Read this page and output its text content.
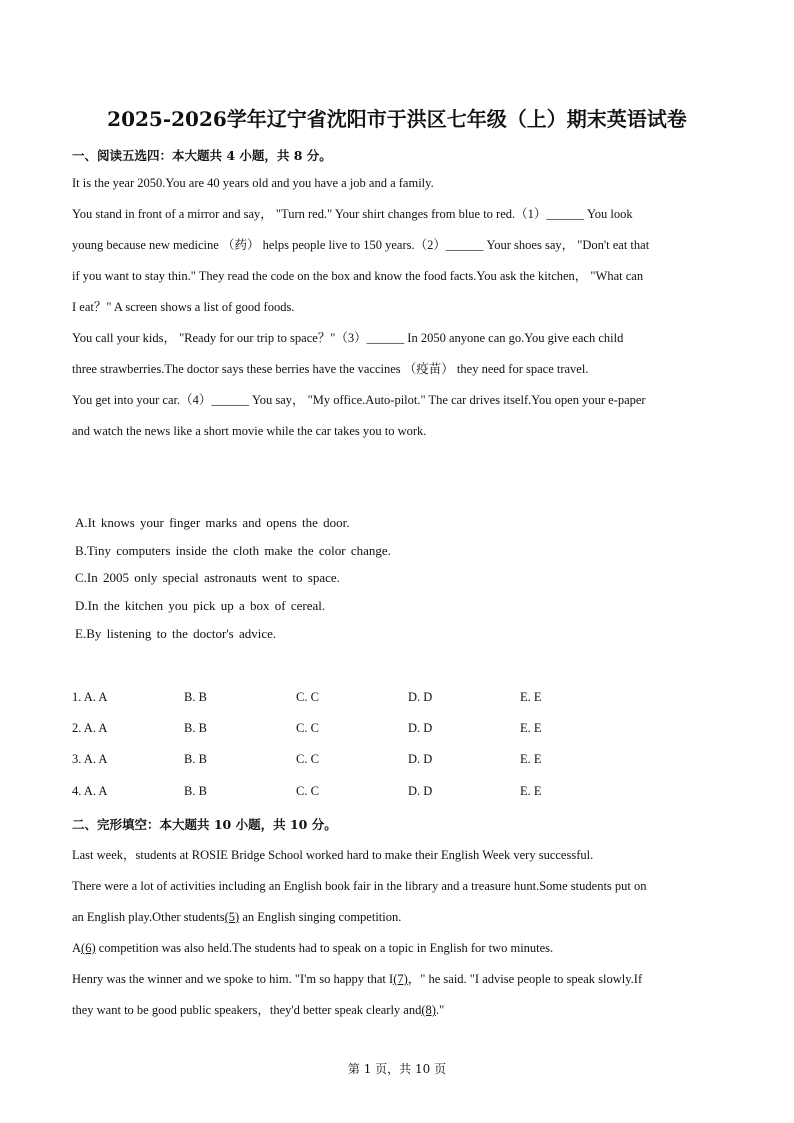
2025-2026学年辽宁省沈阳市于洪区七年级（上）期末英语试卷
一、阅读五选四：本大题共 4 小题，共 8 分。
It is the year 2050.You are 40 years old and you have a job and a family.
You stand in front of a mirror and say， "Turn red." Your shirt changes from blue to red.（1）______ You look
young because new medicine （药） helps people live to 150 years.（2）______ Your shoes say， "Don't eat that
if you want to stay thin." They read the code on the box and know the food facts.You ask the kitchen， "What can
I eat？" A screen shows a list of good foods.
You call your kids， "Ready for our trip to space？"（3）______ In 2050 anyone can go.You give each child
three strawberries.The doctor says these berries have the vaccines （疫苗） they need for space travel.
You get into your car.（4）______ You say， "My office.Auto-pilot." The car drives itself.You open your e-paper
and watch the news like a short movie while the car takes you to work.
A.It knows your finger marks and opens the door.
B.Tiny computers inside the cloth make the color change.
C.In 2005 only special astronauts went to space.
D.In the kitchen you pick up a box of cereal.
E.By listening to the doctor's advice.
1. A. A	B. B	C. C	D. D	E. E
2. A. A	B. B	C. C	D. D	E. E
3. A. A	B. B	C. C	D. D	E. E
4. A. A	B. B	C. C	D. D	E. E
二、完形填空：本大题共 10 小题，共 10 分。
Last week，students at ROSIE Bridge School worked hard to make their English Week very successful.
There were a lot of activities including an English book fair in the library and a treasure hunt.Some students put on
an English play.Other students(5) an English singing competition.
A(6) competition was also held.The students had to speak on a topic in English for two minutes.
Henry was the winner and we spoke to him. "I'm so happy that I(7)，" he said. "I advise people to speak slowly.If
they want to be good public speakers，they'd better speak clearly and(8)."
第 1 页，共 10 页
